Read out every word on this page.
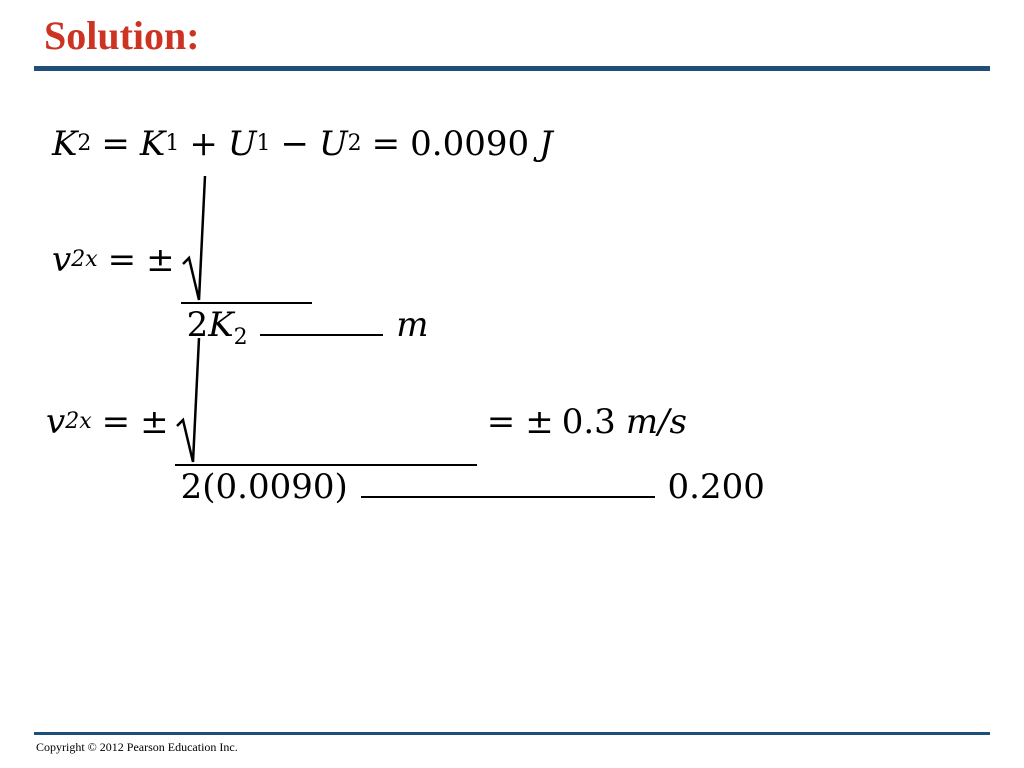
Solution:
K 2 = K 1 + U 1 − U 2 = 0.0090 J
v 2x = ±
$2K_2$	m
v 2x = ±
2(0.0090)	0.200
= ± 0.3 m/s
Copyright © 2012 Pearson Education Inc.
